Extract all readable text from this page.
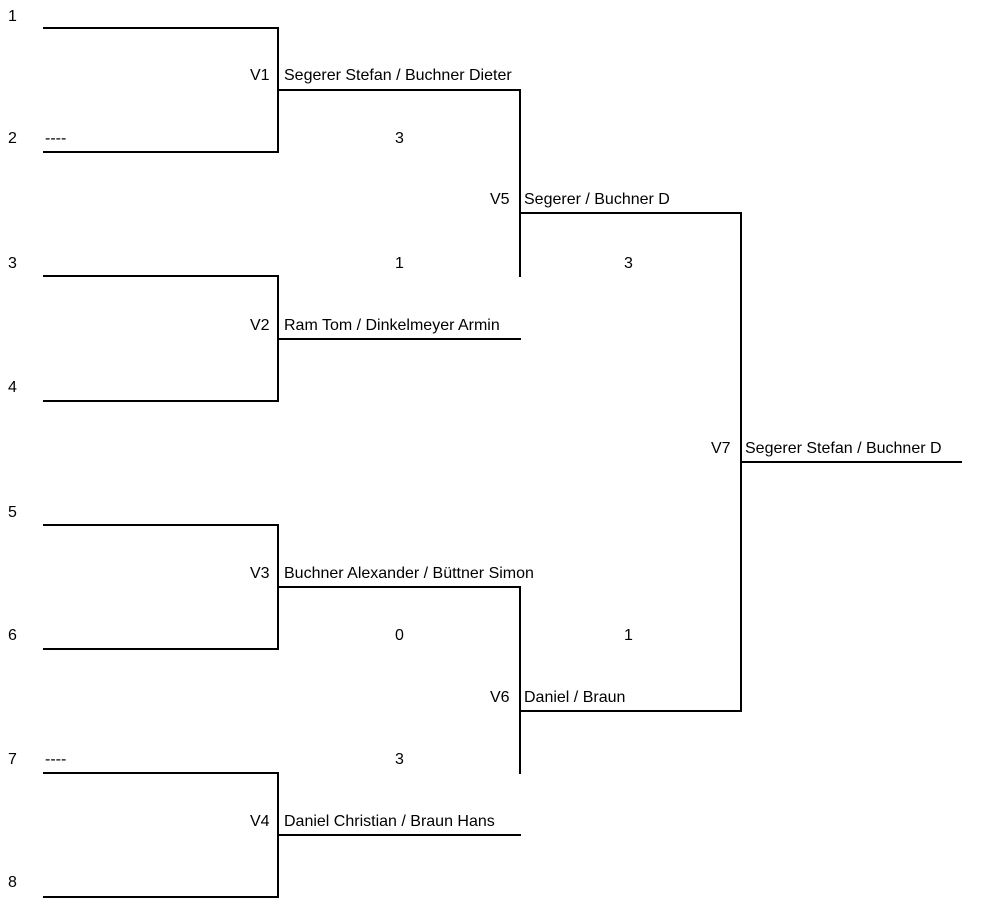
1
2
3
4
5
6
7
8
----
----
V1 Segerer Stefan / Buchner Dieter
V2 Ram Tom / Dinkelmeyer Armin
V3 Buchner Alexander / Büttner Simon
V4 Daniel Christian / Braun Hans
3
1
0
3
V5 Segerer / Buchner D
V6 Daniel / Braun
3
1
V7 Segerer Stefan / Buchner D
